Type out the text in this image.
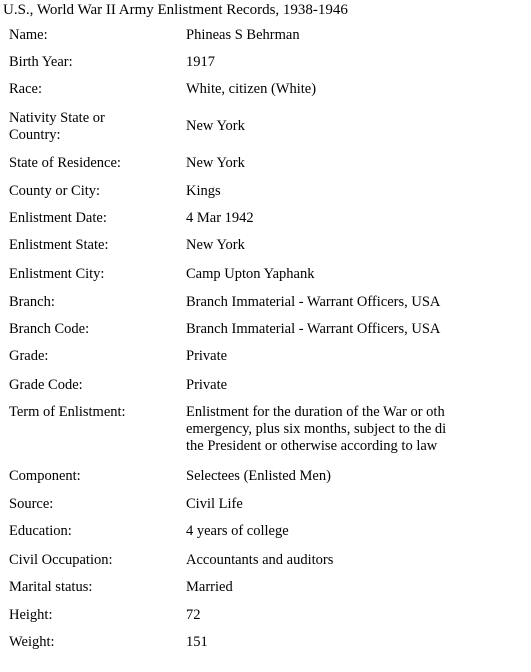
U.S., World War II Army Enlistment Records, 1938-1946
Name:	Phineas S Behrman
Birth Year:	1917
Race:	White, citizen (White)
Nativity State or Country:
New York
State of Residence:	New York
County or City:	Kings
Enlistment Date:	4 Mar 1942
Enlistment State:	New York
Enlistment City:	Camp Upton Yaphank
Branch:	Branch Immaterial - Warrant Officers, USA
Branch Code:	Branch Immaterial - Warrant Officers, USA
Grade:	Private
Grade Code:	Private
Term of Enlistment:	Enlistment for the duration of the War or oth
emergency, plus six months, subject to the di
the President or otherwise according to law
Component:	Selectees (Enlisted Men)
Source:	Civil Life
Education:	4 years of college
Civil Occupation:	Accountants and auditors
Marital status:	Married
Height:	72
Weight:	151
